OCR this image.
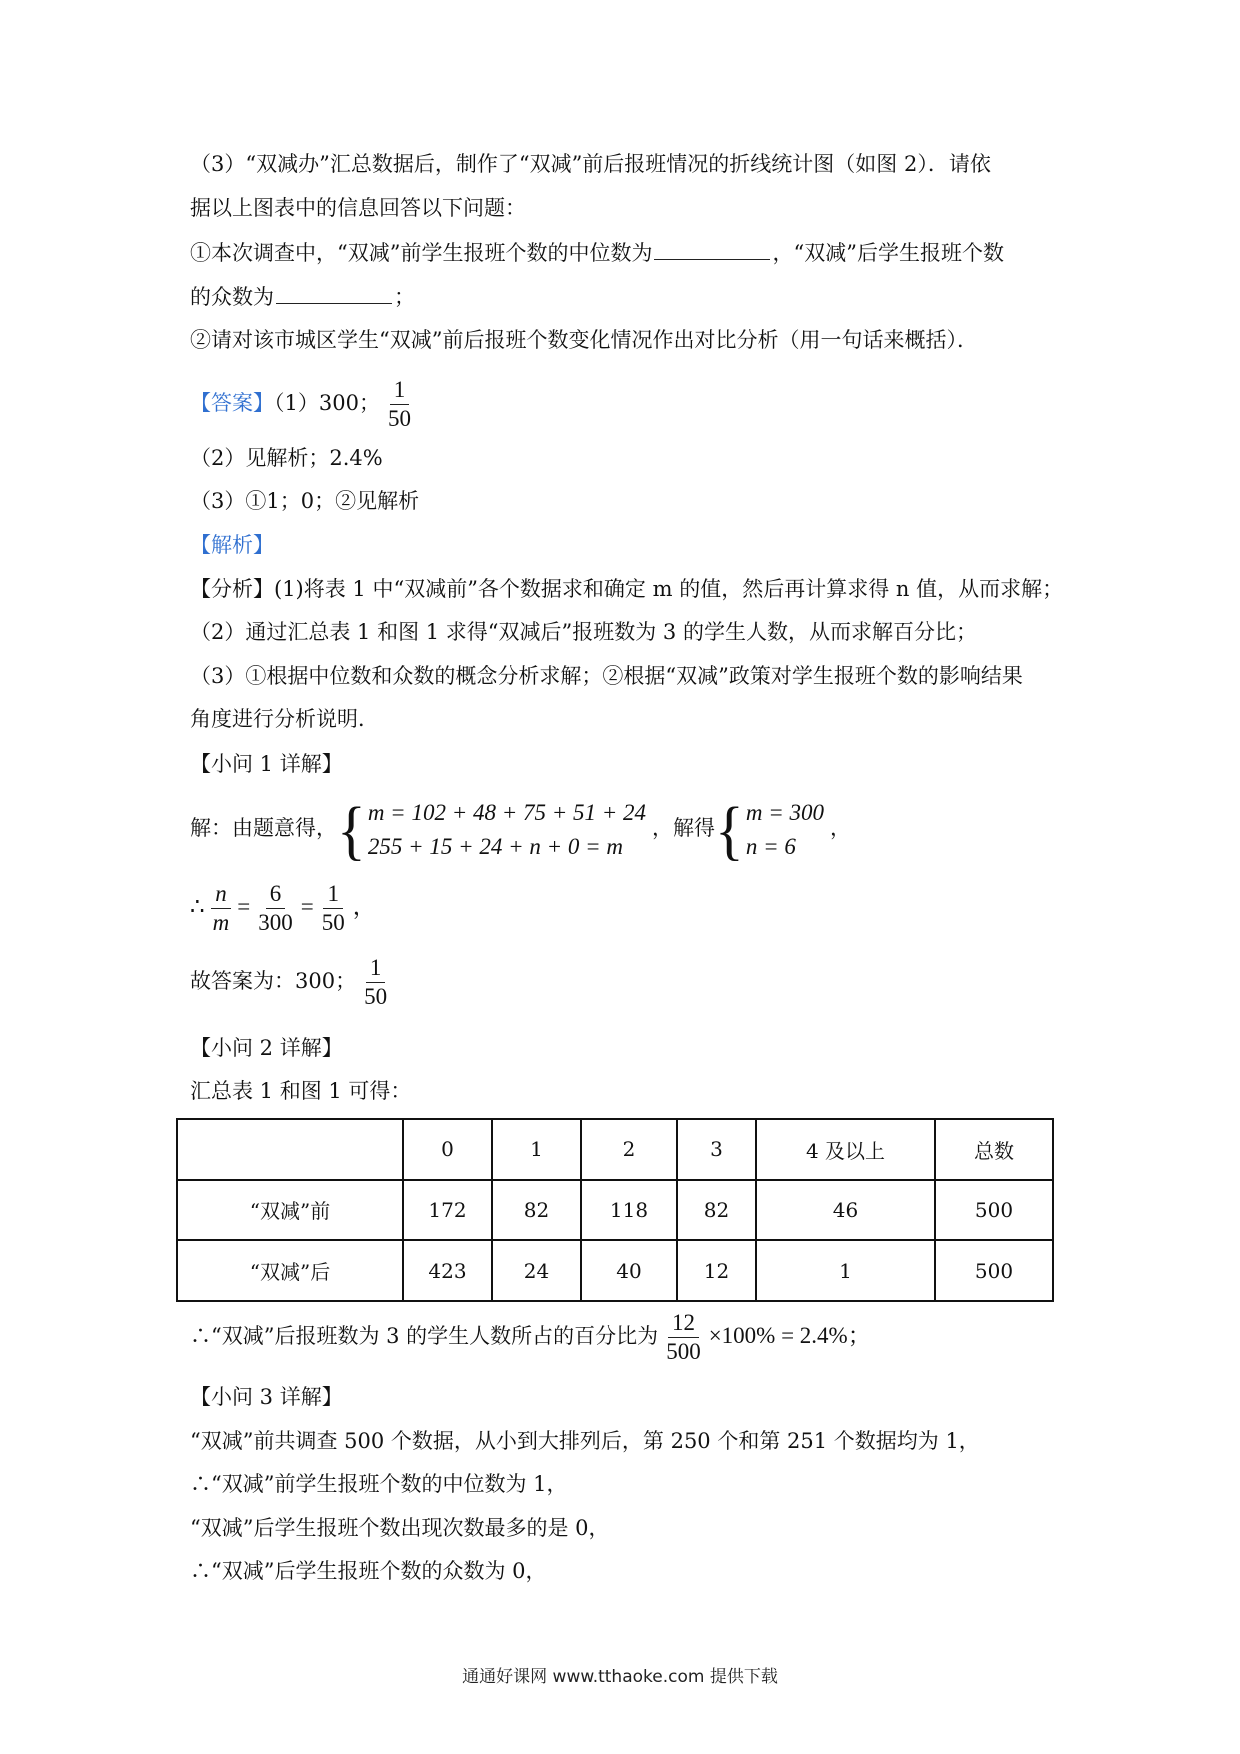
（3）“双减办”汇总数据后，制作了“双减”前后报班情况的折线统计图（如图 2）．请依
据以上图表中的信息回答以下问题：
①本次调查中，“双减”前学生报班个数的中位数为	，“双减”后学生报班个数
的众数为	；
②请对该市城区学生“双减”前后报班个数变化情况作出对比分析（用一句话来概括）．
【答案】（1）300； $\frac{1}{50}$
（2）见解析；2.4%
（3）①1；0；②见解析
【解析】
【分析】(1)将表 1 中“双减前”各个数据求和确定 m 的值，然后再计算求得 n 值，从而求解；
（2）通过汇总表 1 和图 1 求得“双减后”报班数为 3 的学生人数，从而求解百分比；
（3）①根据中位数和众数的概念分析求解；②根据“双减”政策对学生报班个数的影响结果
角度进行分析说明．
【小问 1 详解】
解：由题意得，{ m = 102 + 48 + 75 + 51 + 24
255 + 15 + 24 + n + 0 = m
，解得{ m = 300
n = 6
，
∴ $\frac{n}{m} = \frac{6}{300} = \frac{1}{50}$ ，
故答案为：300； $\frac{1}{50}$
【小问 2 详解】
汇总表 1 和图 1 可得：
	0	1	2	3	4 及以上	总数
“双减”前	172	82	118	82	46	500
“双减”后	423	24	40	12	1	500
∴“双减”后报班数为 3 的学生人数所占的百分比为 $\frac{12}{500} \times 100\% = 2.4\%$；
【小问 3 详解】
“双减”前共调查 500 个数据，从小到大排列后，第 250 个和第 251 个数据均为 1，
∴“双减”前学生报班个数的中位数为 1，
“双减”后学生报班个数出现次数最多的是 0，
∴“双减”后学生报班个数的众数为 0，
通通好课网 www.tthaoke.com 提供下载
